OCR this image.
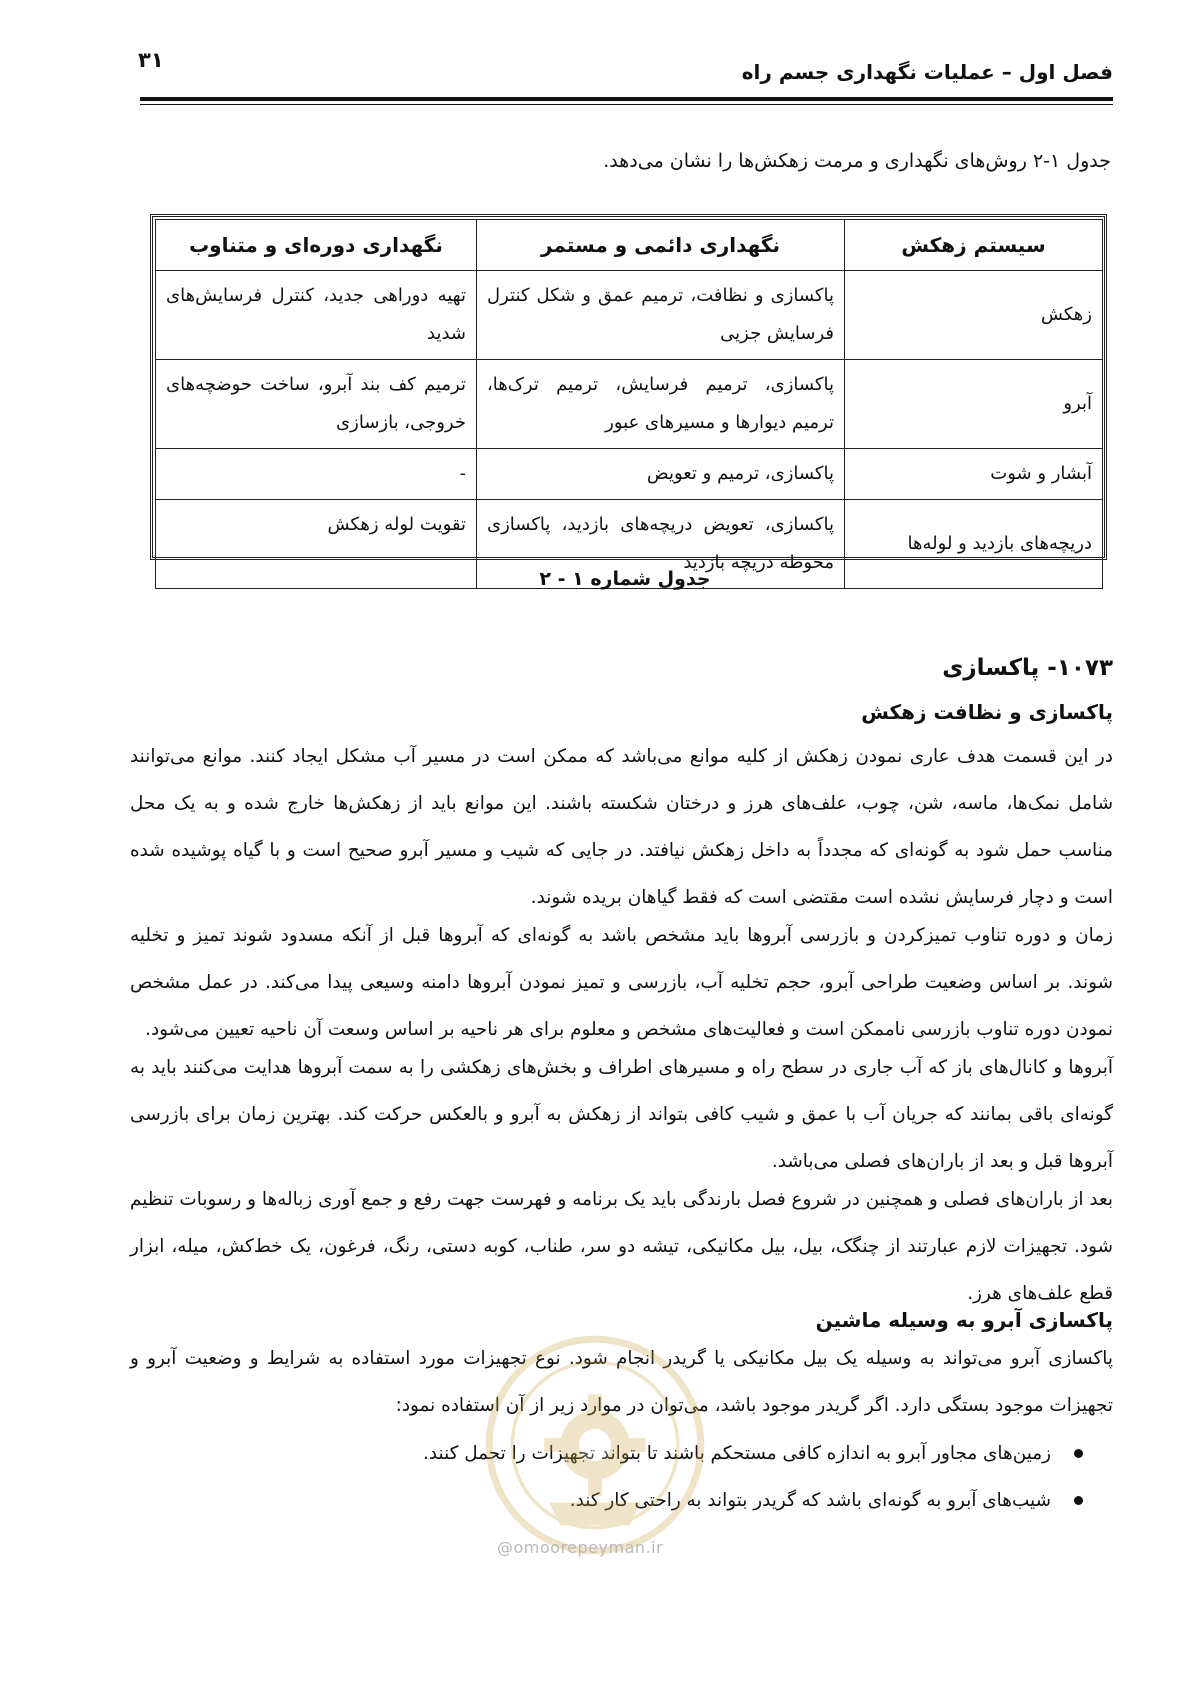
فصل اول – عملیات نگهداری جسم راه
۳۱
جدول ۱-۲ روش‌های نگهداری و مرمت زهکش‌ها را نشان می‌دهد.
سیستم زهکش	نگهداری دائمی و مستمر	نگهداری دوره‌ای و متناوب
زهکش	پاکسازی و نظافت، ترمیم عمق و شکل کنترل فرسایش جزیی	تهیه دوراهی جدید، کنترل فرسایش‌های شدید
آبرو	پاکسازی، ترمیم فرسایش، ترمیم ترک‌ها، ترمیم دیوارها و مسیرهای عبور	ترمیم کف بند آبرو، ساخت حوضچه‌های خروجی، بازسازی
آبشار و شوت	پاکسازی، ترمیم و تعویض	-
دریچه‌های بازدید و لوله‌ها	پاکسازی، تعویض دریچه‌های بازدید، پاکسازی محوطه دریچه بازدید	تقویت لوله زهکش
جدول شماره ۱ - ۲
۱۰۷۳- پاکسازی
پاکسازی و نظافت زهکش

در این قسمت هدف عاری نمودن زهکش از کلیه موانع می‌باشد که ممکن است در مسیر آب مشکل ایجاد کنند. موانع می‌توانند شامل نمک‌ها، ماسه، شن، چوب، علف‌های هرز و درختان شکسته باشند. این موانع باید از زهکش‌ها خارج شده و به یک محل مناسب حمل شود به گونه‌ای که مجدداً به داخل زهکش نیافتد. در جایی که شیب و مسیر آبرو صحیح است و با گیاه پوشیده شده است و دچار فرسایش نشده است مقتضی است که فقط گیاهان بریده شوند.

زمان و دوره تناوب تمیزکردن و بازرسی آبروها باید مشخص باشد به گونه‌ای که آبروها قبل از آنکه مسدود شوند تمیز و تخلیه شوند. بر اساس وضعیت طراحی آبرو، حجم تخلیه آب، بازرسی و تمیز نمودن آبروها دامنه وسیعی پیدا می‌کند. در عمل مشخص نمودن دوره تناوب بازرسی ناممکن است و فعالیت‌های مشخص و معلوم برای هر ناحیه بر اساس وسعت آن ناحیه تعیین می‌شود.

آبروها و کانال‌های باز که آب جاری در سطح راه و مسیرهای اطراف و بخش‌های زهکشی را به سمت آبروها هدایت می‌کنند باید به گونه‌ای باقی بمانند که جریان آب با عمق و شیب کافی بتواند از زهکش به آبرو و بالعکس حرکت کند. بهترین زمان برای بازرسی آبروها قبل و بعد از باران‌های فصلی می‌باشد.

بعد از باران‌های فصلی و همچنین در شروع فصل بارندگی باید یک برنامه و فهرست جهت رفع و جمع آوری زباله‌ها و رسوبات تنظیم شود. تجهیزات لازم عبارتند از چنگک، بیل، بیل مکانیکی، تیشه دو سر، طناب، کوبه دستی، رنگ، فرغون، یک خط‌کش، میله، ابزار قطع علف‌های هرز.

پاکسازی آبرو به وسیله ماشین

پاکسازی آبرو می‌تواند به وسیله یک بیل مکانیکی یا گریدر انجام شود. نوع تجهیزات مورد استفاده به شرایط و وضعیت آبرو و تجهیزات موجود بستگی دارد. اگر گریدر موجود باشد، می‌توان در موارد زیر از آن استفاده نمود:

زمین‌های مجاور آبرو به اندازه کافی مستحکم باشند تا بتواند تجهیزات را تحمل کنند.
شیب‌های آبرو به گونه‌ای باشد که گریدر بتواند به راحتی کار کند.
@omoorepeyman.ir
